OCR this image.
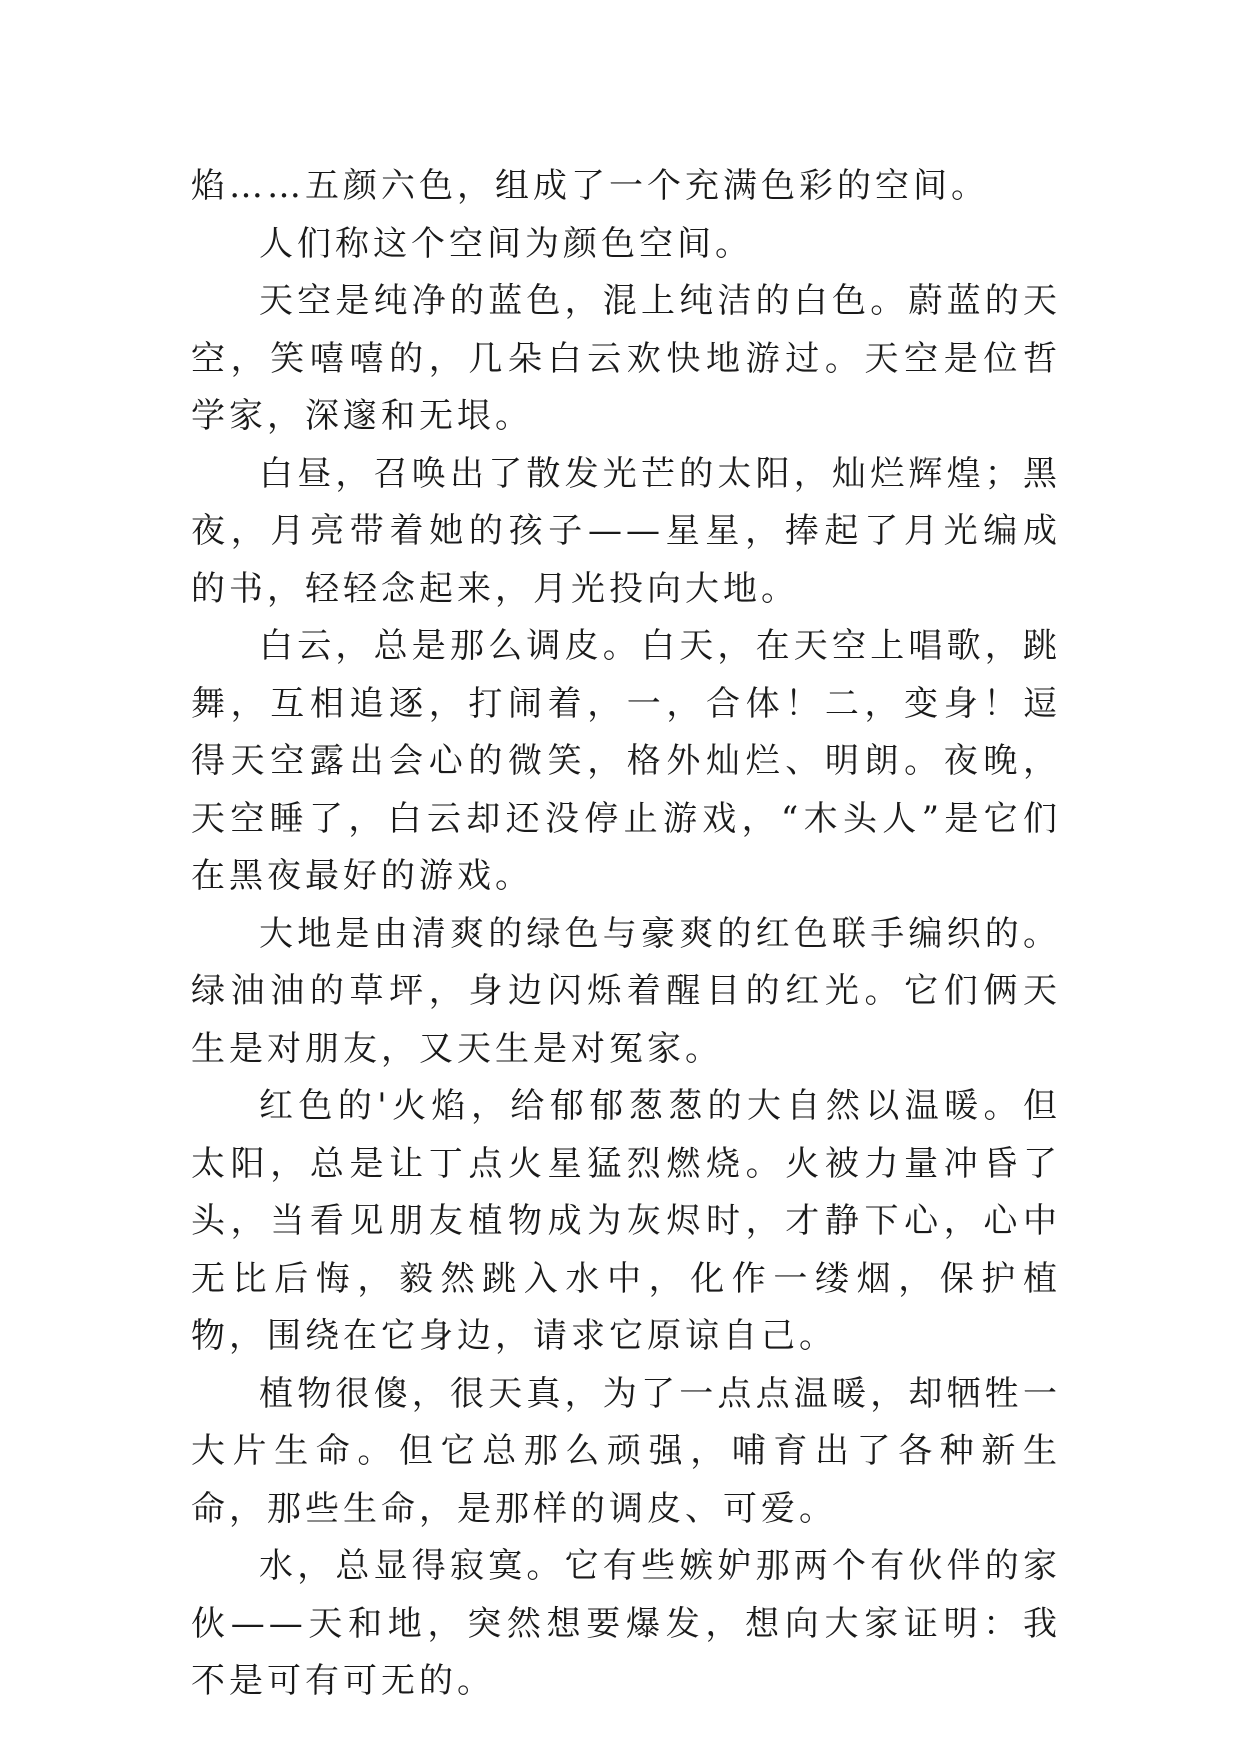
焰……五颜六色，组成了一个充满色彩的空间。

人们称这个空间为颜色空间。

天空是纯净的蓝色，混上纯洁的白色。蔚蓝的天空，笑嘻嘻的，几朵白云欢快地游过。天空是位哲学家，深邃和无垠。

白昼，召唤出了散发光芒的太阳，灿烂辉煌；黑夜，月亮带着她的孩子——星星，捧起了月光编成的书，轻轻念起来，月光投向大地。

白云，总是那么调皮。白天，在天空上唱歌，跳舞，互相追逐，打闹着，一，合体！二，变身！逗得天空露出会心的微笑，格外灿烂、明朗。夜晚，天空睡了，白云却还没停止游戏，“木头人”是它们在黑夜最好的游戏。

大地是由清爽的绿色与豪爽的红色联手编织的。绿油油的草坪，身边闪烁着醒目的红光。它们俩天生是对朋友，又天生是对冤家。

红色的'火焰，给郁郁葱葱的大自然以温暖。但太阳，总是让丁点火星猛烈燃烧。火被力量冲昏了头，当看见朋友植物成为灰烬时，才静下心，心中无比后悔，毅然跳入水中，化作一缕烟，保护植物，围绕在它身边，请求它原谅自己。

植物很傻，很天真，为了一点点温暖，却牺牲一大片生命。但它总那么顽强，哺育出了各种新生命，那些生命，是那样的调皮、可爱。

水，总显得寂寞。它有些嫉妒那两个有伙伴的家伙——天和地，突然想要爆发，想向大家证明：我不是可有可无的。
